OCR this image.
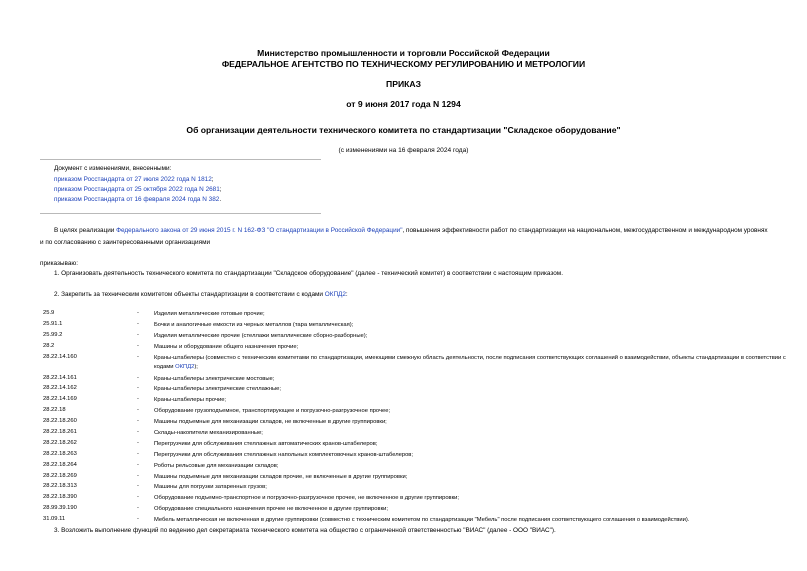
Министерство промышленности и торговли Российской Федерации
ФЕДЕРАЛЬНОЕ АГЕНТСТВО ПО ТЕХНИЧЕСКОМУ РЕГУЛИРОВАНИЮ И МЕТРОЛОГИИ
ПРИКАЗ
от 9 июня 2017 года N 1294
Об организации деятельности технического комитета по стандартизации "Складское оборудование"
(с изменениями на 16 февраля 2024 года)
Документ с изменениями, внесенными:
приказом Росстандарта от 27 июля 2022 года N 1812;
приказом Росстандарта от 25 октября 2022 года N 2681;
приказом Росстандарта от 16 февраля 2024 года N 382.
В целях реализации Федерального закона от 29 июня 2015 г. N 162-ФЗ "О стандартизации в Российской Федерации", повышения эффективности работ по стандартизации на национальном, межгосударственном и международном уровнях и по согласованию с заинтересованными организациями
приказываю:
1. Организовать деятельность технического комитета по стандартизации "Складское оборудование" (далее - технический комитет) в соответствии с настоящим приказом.
2. Закрепить за техническим комитетом объекты стандартизации в соответствии с кодами ОКПД2:
25.9	-	Изделия металлические готовые прочие;
25.91.1	-	Бочки и аналогичные емкости из черных металлов (тара металлическая);
25.99.2	-	Изделия металлические прочие (стеллажи металлические сборно-разборные);
28.2	-	Машины и оборудование общего назначения прочие;
28.22.14.160	-	Краны-штабелеры (совместно с техническим комитетами по стандартизации, имеющими смежную область деятельности, после подписания соответствующих соглашений о взаимодействии, объекты стандартизации в соответствии с кодами ОКПД2);
28.22.14.161	-	Краны-штабелеры электрические мостовые;
28.22.14.162	-	Краны-штабелеры электрические стеллажные;
28.22.14.169	-	Краны-штабелеры прочие;
28.22.18	-	Оборудование грузоподъемное, транспортирующее и погрузочно-разгрузочное прочее;
28.22.18.260	-	Машины подъемные для механизации складов, не включенные в другие группировки;
28.22.18.261	-	Склады-накопители механизированные;
28.22.18.262	-	Перегрузчики для обслуживания стеллажных автоматических кранов-штабелеров;
28.22.18.263	-	Перегрузчики для обслуживания стеллажных напольных комплектовочных кранов-штабелеров;
28.22.18.264	-	Роботы рельсовые для механизации складов;
28.22.18.269	-	Машины подъемные для механизации складов прочие, не включенные в другие группировки;
28.22.18.313	-	Машины для погрузки затаренных грузов;
28.22.18.390	-	Оборудование подъемно-транспортное и погрузочно-разгрузочное прочее, не включенное в другие группировки;
28.99.39.190	-	Оборудование специального назначения прочее не включенное в другие группировки;
31.09.11	-	Мебель металлическая не включенная в другие группировки (совместно с техническим комитетом по стандартизации "Мебель" после подписания соответствующего соглашения о взаимодействии).
3. Возложить выполнение функций по ведению дел секретариата технического комитета на общество с ограниченной ответственностью "ВИАС" (далее - ООО "ВИАС").
